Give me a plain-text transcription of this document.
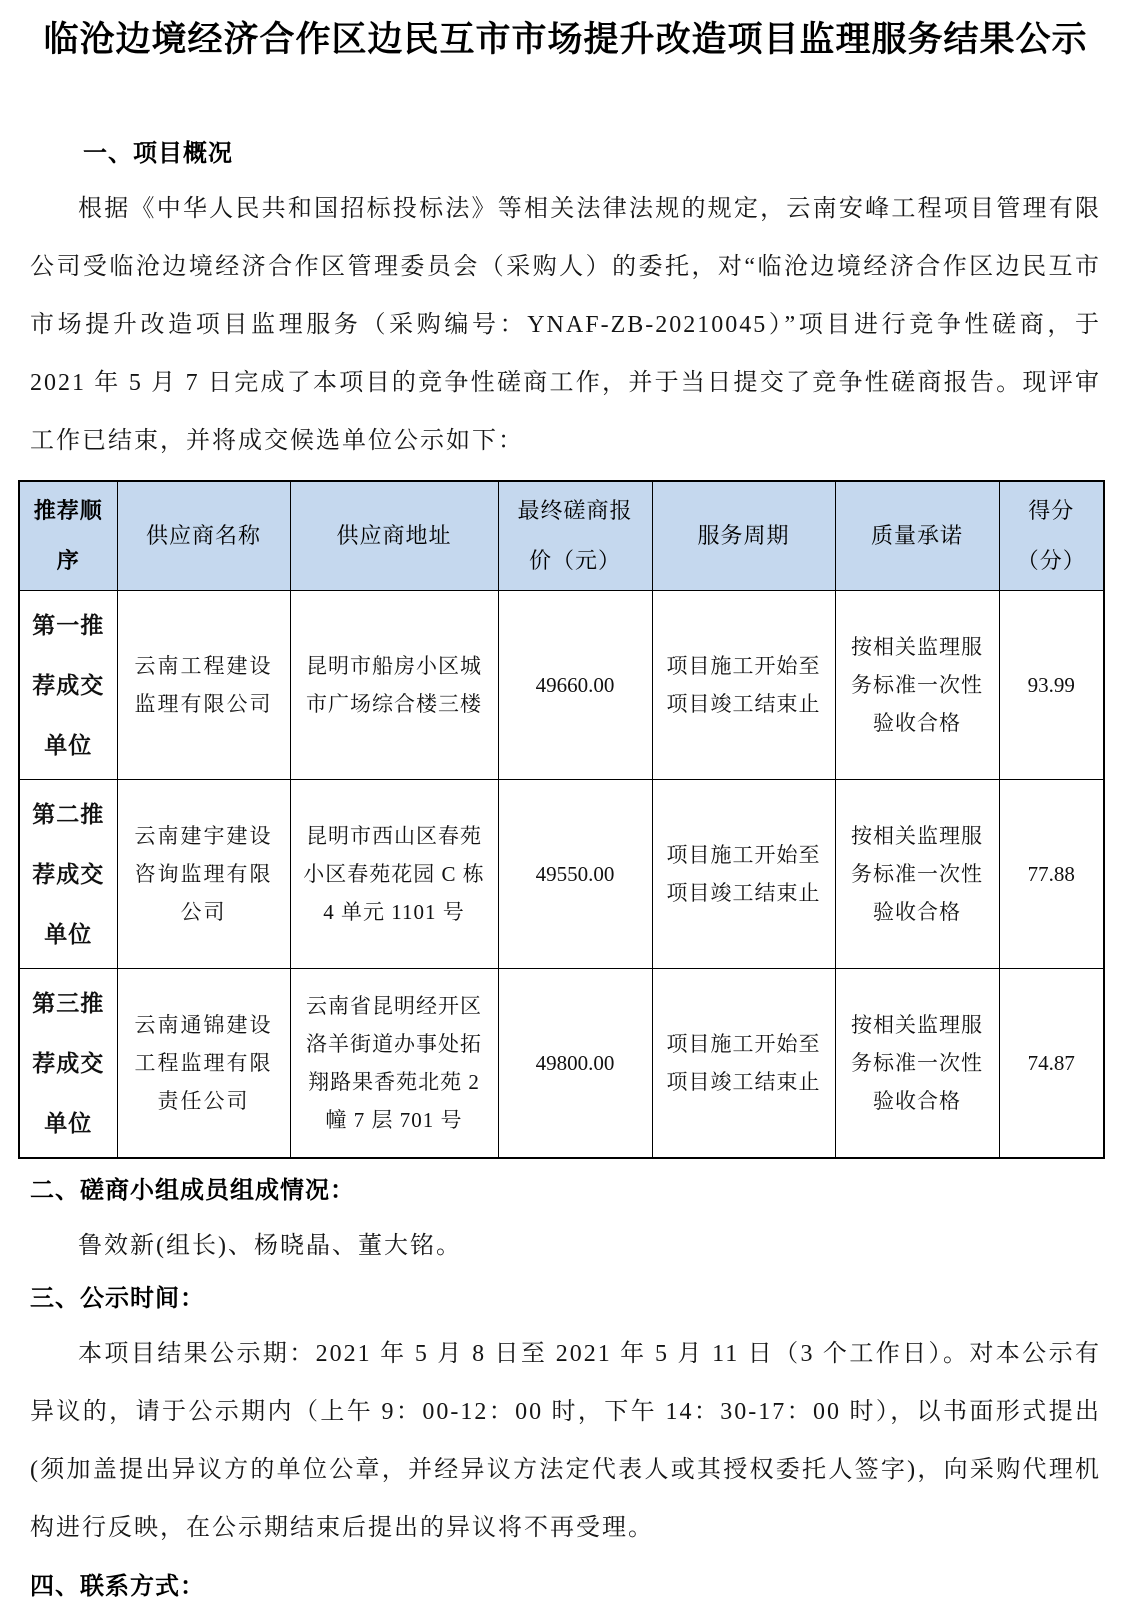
临沧边境经济合作区边民互市市场提升改造项目监理服务结果公示
一、项目概况

根据《中华人民共和国招标投标法》等相关法律法规的规定，云南安峰工程项目管理有限公司受临沧边境经济合作区管理委员会（采购人）的委托，对“临沧边境经济合作区边民互市市场提升改造项目监理服务（采购编号：YNAF-ZB-20210045）”项目进行竞争性磋商，于 2021 年 5 月 7 日完成了本项目的竞争性磋商工作，并于当日提交了竞争性磋商报告。现评审工作已结束，并将成交候选单位公示如下：

推荐顺序	供应商名称	供应商地址	最终磋商报价（元）	服务周期	质量承诺	得分（分）
第一推荐成交单位	云南工程建设监理有限公司	昆明市船房小区城市广场综合楼三楼	49660.00	项目施工开始至项目竣工结束止	按相关监理服务标准一次性验收合格	93.99
第二推荐成交单位	云南建宇建设咨询监理有限公司	昆明市西山区春苑小区春苑花园 C 栋 4 单元 1101 号	49550.00	项目施工开始至项目竣工结束止	按相关监理服务标准一次性验收合格	77.88
第三推荐成交单位	云南通锦建设工程监理有限责任公司	云南省昆明经开区洛羊街道办事处拓翔路果香苑北苑 2 幢 7 层 701 号	49800.00	项目施工开始至项目竣工结束止	按相关监理服务标准一次性验收合格	74.87
二、磋商小组成员组成情况：

鲁效新(组长)、杨晓晶、董大铭。

三、公示时间：

本项目结果公示期：2021 年 5 月 8 日至 2021 年 5 月 11 日（3 个工作日）。对本公示有异议的，请于公示期内（上午 9：00-12：00 时，下午 14：30-17：00 时），以书面形式提出(须加盖提出异议方的单位公章，并经异议方法定代表人或其授权委托人签字)，向采购代理机构进行反映，在公示期结束后提出的异议将不再受理。

四、联系方式：
